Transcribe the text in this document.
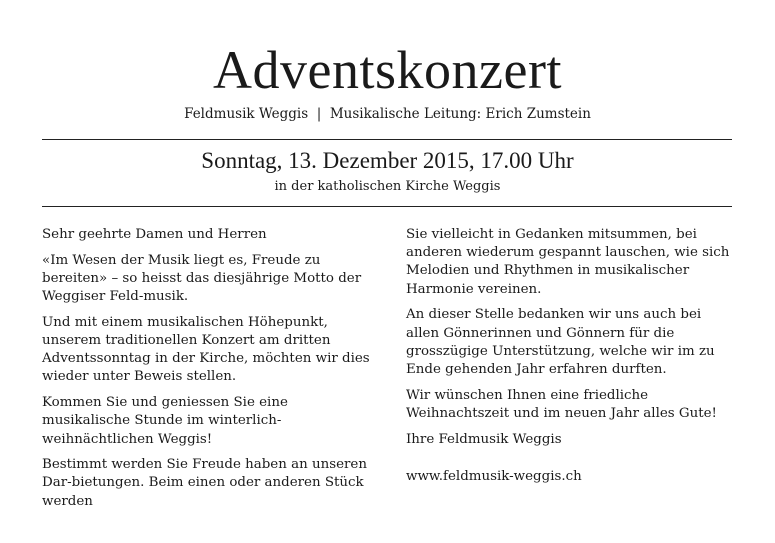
Adventskonzert
Feldmusik Weggis  |  Musikalische Leitung: Erich Zumstein
Sonntag, 13. Dezember 2015, 17.00 Uhr
in der katholischen Kirche Weggis

Sehr geehrte Damen und Herren

«Im Wesen der Musik liegt es, Freude zu bereiten» – so heisst das diesjährige Motto der Weggiser Feld-musik.

Und mit einem musikalischen Höhepunkt, unserem traditionellen Konzert am dritten Adventssonntag in der Kirche, möchten wir dies wieder unter Beweis stellen.

Kommen Sie und geniessen Sie eine musikalische Stunde im winterlich-weihnächtlichen Weggis!

Bestimmt werden Sie Freude haben an unseren Dar-bietungen. Beim einen oder anderen Stück werden

Sie vielleicht in Gedanken mitsummen, bei anderen wiederum gespannt lauschen, wie sich Melodien und Rhythmen in musikalischer Harmonie vereinen.

An dieser Stelle bedanken wir uns auch bei allen Gönnerinnen und Gönnern für die grosszügige Unterstützung, welche wir im zu Ende gehenden Jahr erfahren durften.

Wir wünschen Ihnen eine friedliche Weihnachtszeit und im neuen Jahr alles Gute!

Ihre Feldmusik Weggis

www.feldmusik-weggis.ch
